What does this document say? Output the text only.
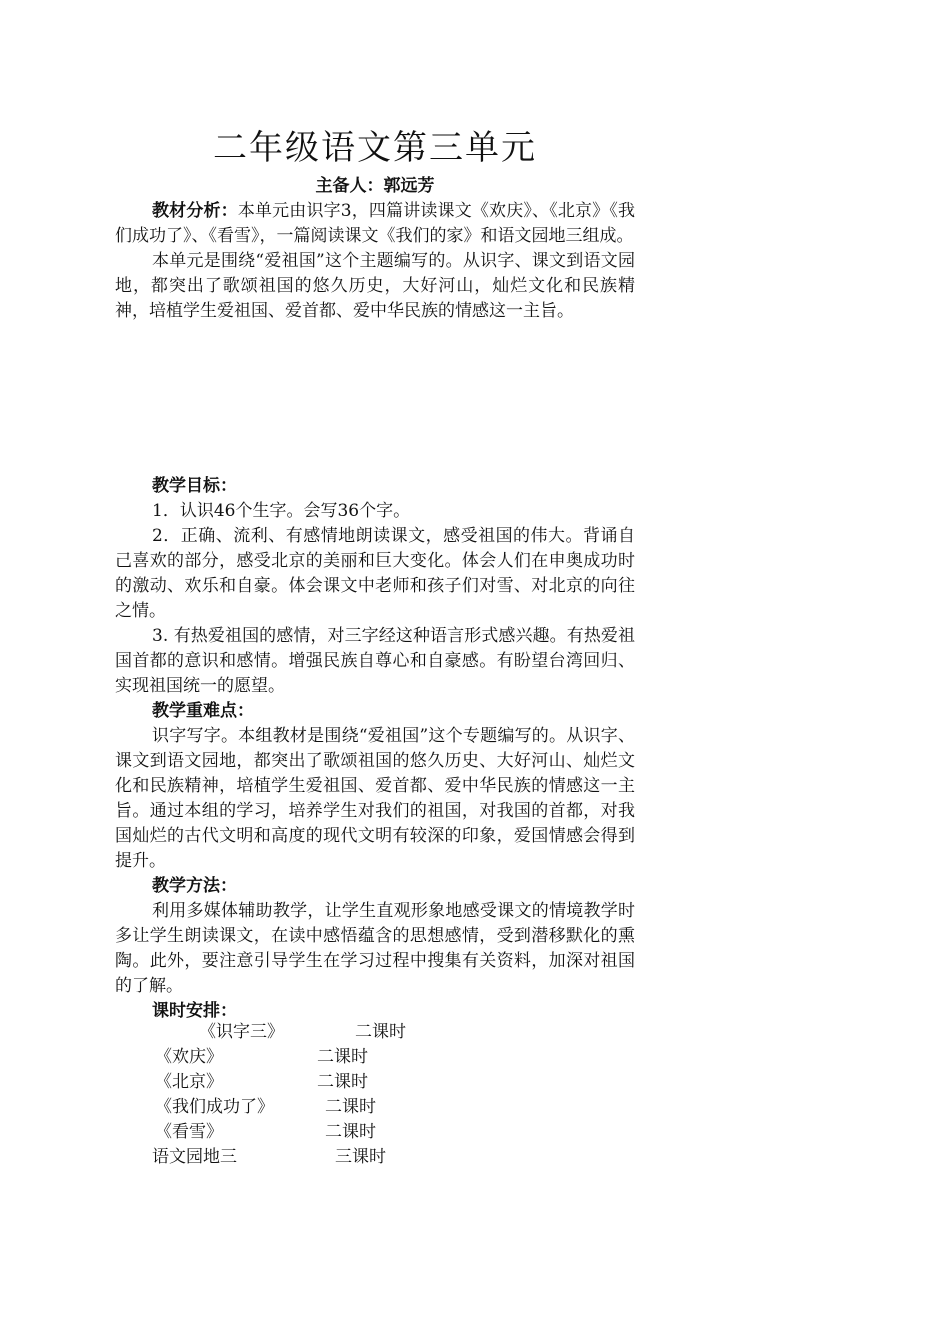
二年级语文第三单元
主备人：郭远芳

教材分析：本单元由识字3，四篇讲读课文《欢庆》、《北京》《我们成功了》、《看雪》，一篇阅读课文《我们的家》和语文园地三组成。

本单元是围绕“爱祖国”这个主题编写的。从识字、课文到语文园地，都突出了歌颂祖国的悠久历史，大好河山，灿烂文化和民族精神，培植学生爱祖国、爱首都、爱中华民族的情感这一主旨。

教学目标：

1．认识46个生字。会写36个字。

2．正确、流利、有感情地朗读课文，感受祖国的伟大。背诵自己喜欢的部分，感受北京的美丽和巨大变化。体会人们在申奥成功时的激动、欢乐和自豪。体会课文中老师和孩子们对雪、对北京的向往之情。

3. 有热爱祖国的感情，对三字经这种语言形式感兴趣。有热爱祖国首都的意识和感情。增强民族自尊心和自豪感。有盼望台湾回归、实现祖国统一的愿望。

教学重难点：

识字写字。本组教材是围绕“爱祖国”这个专题编写的。从识字、课文到语文园地，都突出了歌颂祖国的悠久历史、大好河山、灿烂文化和民族精神，培植学生爱祖国、爱首都、爱中华民族的情感这一主旨。通过本组的学习，培养学生对我们的祖国，对我国的首都，对我国灿烂的古代文明和高度的现代文明有较深的印象，爱国情感会得到提升。

教学方法：

利用多媒体辅助教学，让学生直观形象地感受课文的情境教学时多让学生朗读课文，在读中感悟蕴含的思想感情，受到潜移默化的熏陶。此外，要注意引导学生在学习过程中搜集有关资料，加深对祖国的了解。

课时安排：

《识字三》	二课时
《欢庆》	二课时
《北京》	二课时
《我们成功了》	二课时
《看雪》	二课时
语文园地三	三课时
